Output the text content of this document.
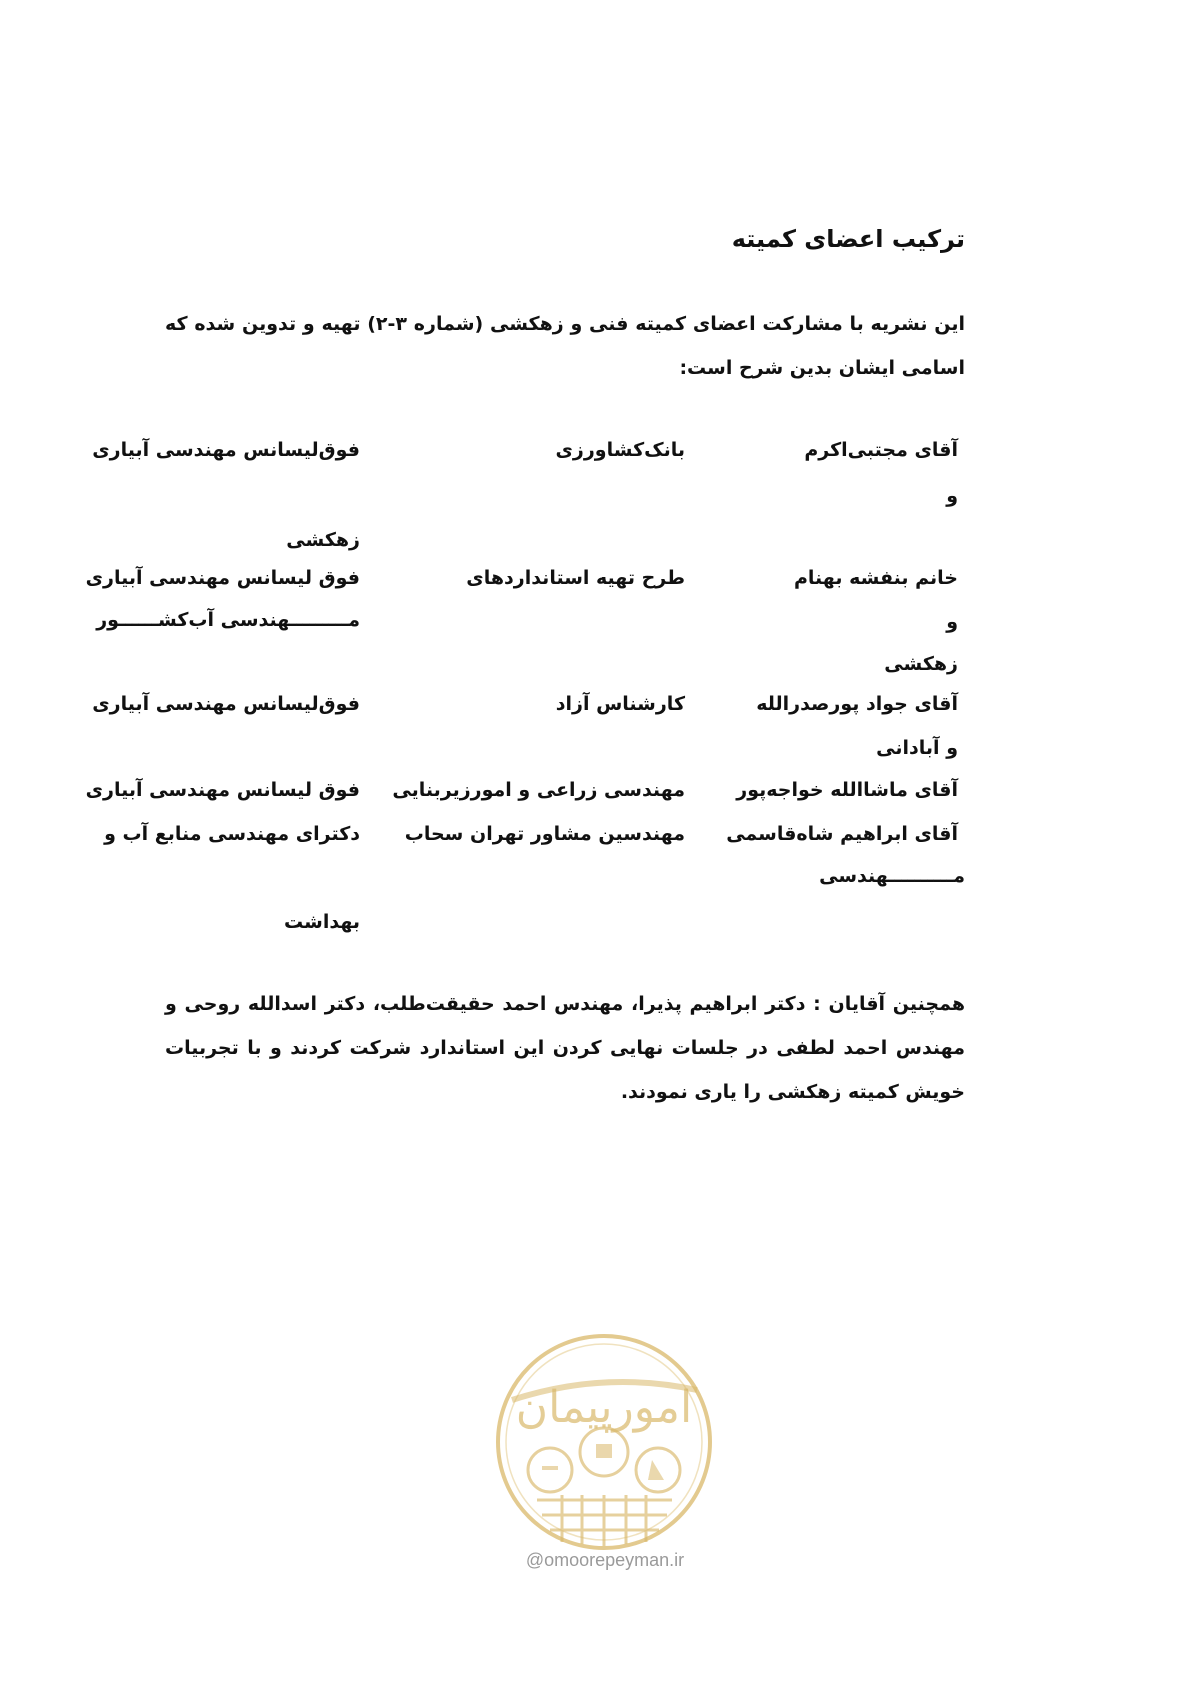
ترکیب اعضای کمیته
این نشریه با مشارکت اعضای کمیته فنی و زهکشی (شماره ۳-۲) تهیه و تدوین شده که اسامی ایشان بدین شرح است:
آقای مجتبی‌اکرم
بانک‌کشاورزی
فوق‌لیسانس مهندسی آبیاری
و
زهکشی
خانم بنفشه بهنام
طرح تهیه استانداردهای
فوق لیسانس مهندسی آبیاری
مـــــــــهندسی آب‌کشــــــور	و
زهکشی
آقای جواد پورصدرالله
کارشناس آزاد
فوق‌لیسانس مهندسی آبیاری
و آبادانی
آقای ماشاالله خواجه‌پور
مهندسی زراعی و امورزیربنایی
فوق لیسانس مهندسی آبیاری
آقای ابراهیم شاه‌قاسمی
مهندسین مشاور تهران سحاب
دکترای مهندسی منابع آب و
مــــــــــهندسی
بهداشت
همچنین آقایان : دکتر ابراهیم پذیرا، مهندس احمد حقیقت‌طلب، دکتر اسدالله روحی و مهندس احمد لطفی در جلسات نهایی کردن این استاندارد شرکت کردند و با تجربیات خویش کمیته زهکشی را یاری نمودند.
امورپیمان
@omoorepeyman.ir
